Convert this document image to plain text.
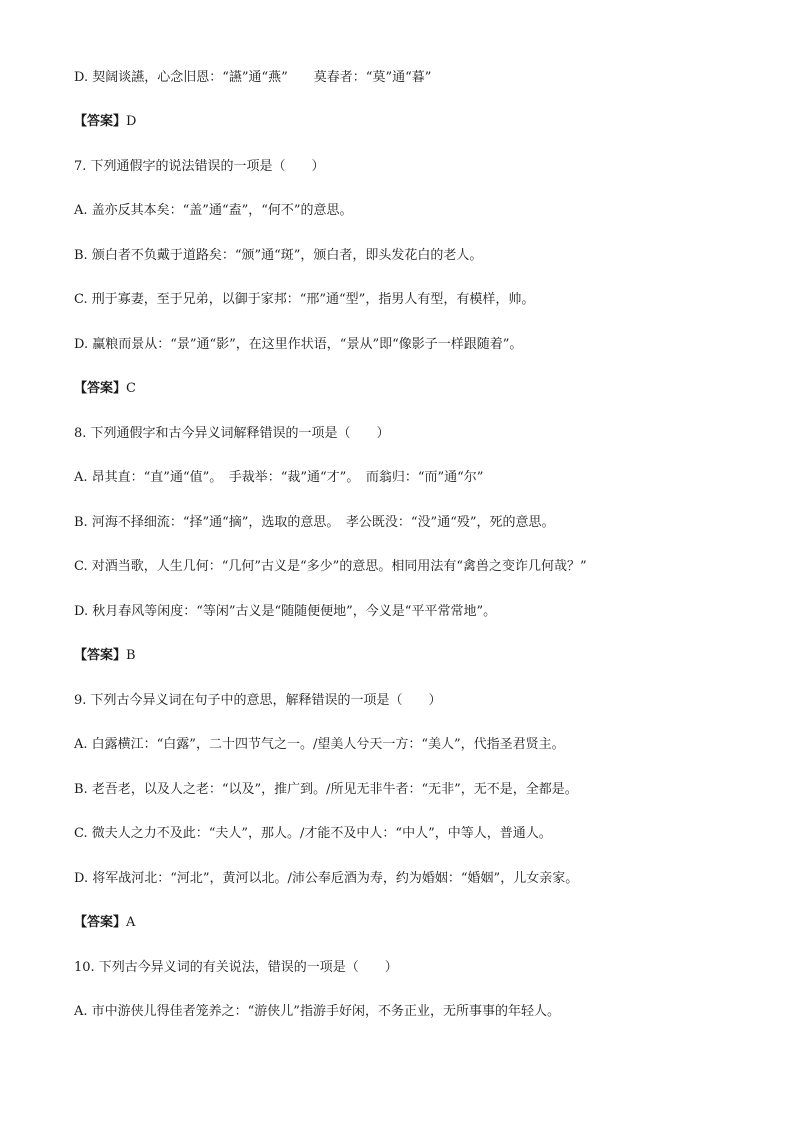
D. 契阔谈讌，心念旧恩：“讌”通“燕”　　莫春者：“莫”通“暮”
【答案】D
7. 下列通假字的说法错误的一项是（　　）
A. 盖亦反其本矣：“盖”通“盍”，“何不”的意思。
B. 颁白者不负戴于道路矣：“颁”通“斑”，颁白者，即头发花白的老人。
C. 刑于寡妻，至于兄弟，以御于家邦：“邢”通“型”，指男人有型，有模样，帅。
D. 赢粮而景从：“景”通“影”，在这里作状语，“景从”即“像影子一样跟随着”。
【答案】C
8. 下列通假字和古今异义词解释错误的一项是（　　）
A. 昂其直：“直”通“值”。　手裁举：“裁”通“才”。　而翁归：“而”通“尔”
B. 河海不择细流：“择”通“摘”，选取的意思。　孝公既没：“没”通“殁”，死的意思。
C. 对酒当歌，人生几何：“几何”古义是“多少”的意思。相同用法有“禽兽之变诈几何哉？”
D. 秋月春风等闲度：“等闲”古义是“随随便便地”，今义是“平平常常地”。
【答案】B
9. 下列古今异义词在句子中的意思，解释错误的一项是（　　）
A. 白露横江：“白露”，二十四节气之一。/望美人兮天一方：“美人”，代指圣君贤主。
B. 老吾老，以及人之老：“以及”，推广到。/所见无非牛者：“无非”，无不是，全都是。
C. 微夫人之力不及此：“夫人”，那人。/才能不及中人：“中人”，中等人，普通人。
D. 将军战河北：“河北”，黄河以北。/沛公奉卮酒为寿，约为婚姻：“婚姻”，儿女亲家。
【答案】A
10. 下列古今异义词的有关说法，错误的一项是（　　）
A. 市中游侠儿得佳者笼养之：“游侠儿”指游手好闲，不务正业，无所事事的年轻人。
